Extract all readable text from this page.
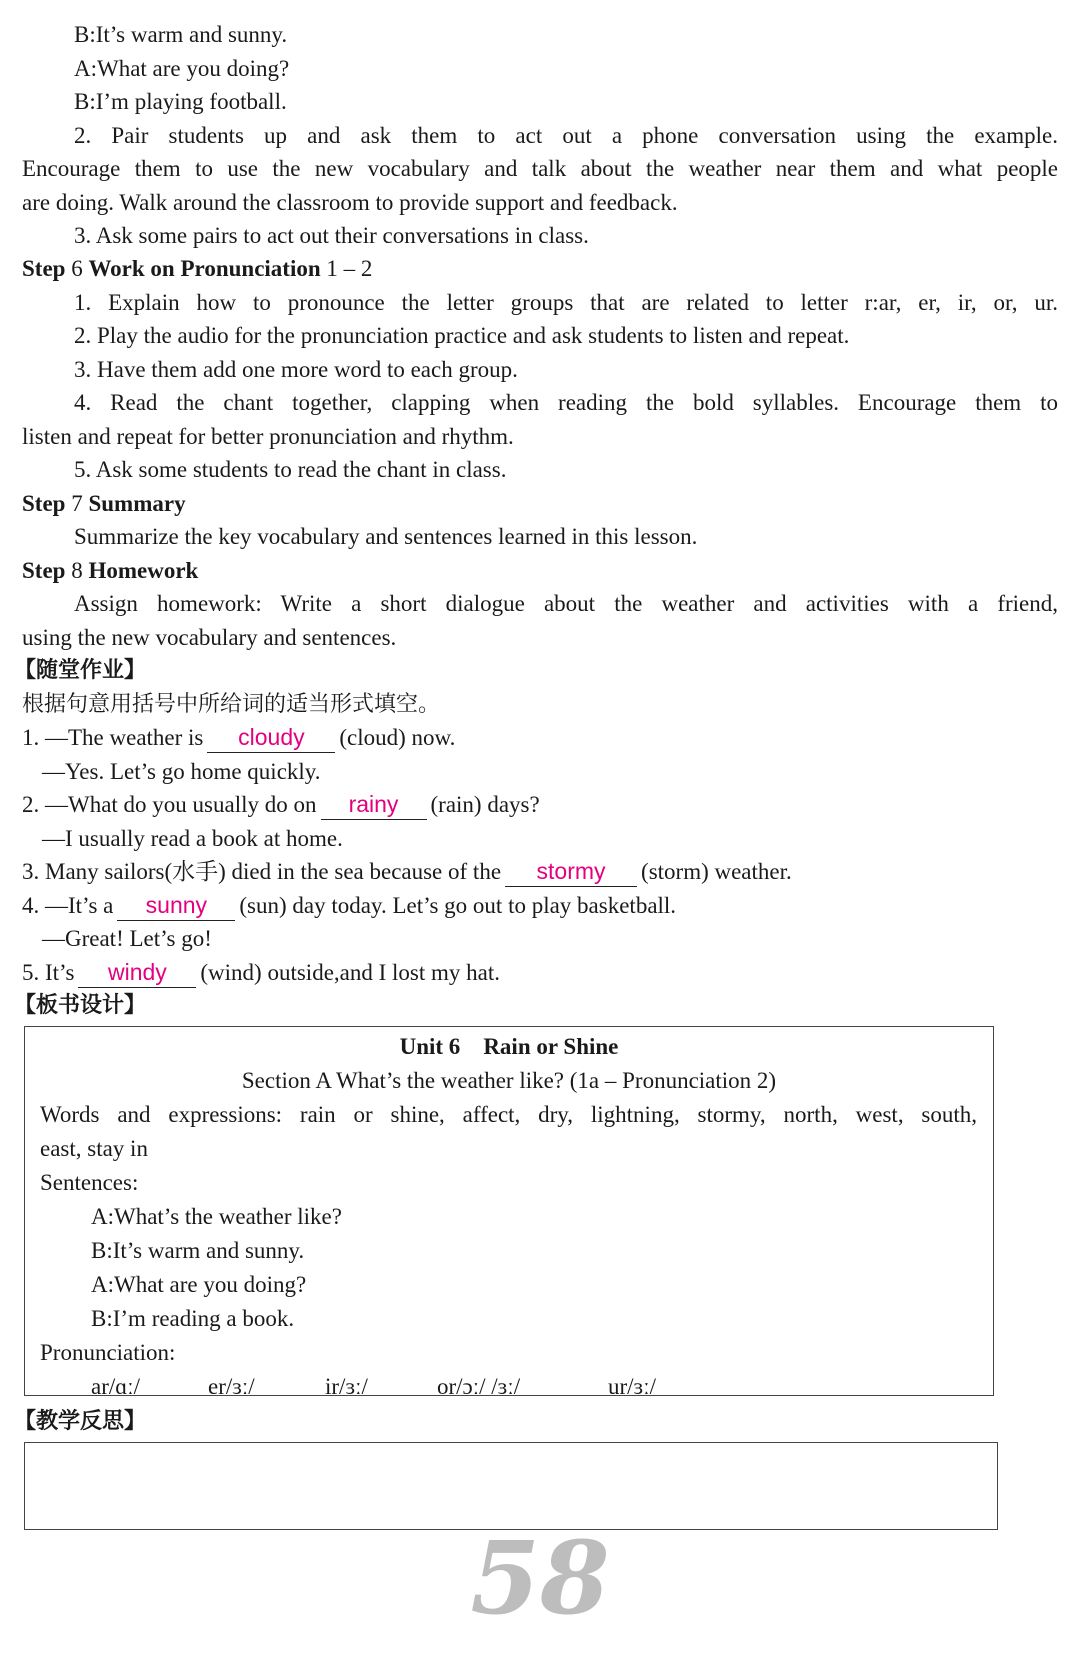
B:It’s warm and sunny.
A:What are you doing?
B:I’m playing football.
2. Pair students up and ask them to act out a phone conversation using the example.
Encourage them to use the new vocabulary and talk about the weather near them and what people
are doing. Walk around the classroom to provide support and feedback.
3. Ask some pairs to act out their conversations in class.
Step 6 Work on Pronunciation 1 – 2
1. Explain how to pronounce the letter groups that are related to letter r:ar, er, ir, or, ur.
2. Play the audio for the pronunciation practice and ask students to listen and repeat.
3. Have them add one more word to each group.
4. Read the chant together, clapping when reading the bold syllables. Encourage them to
listen and repeat for better pronunciation and rhythm.
5. Ask some students to read the chant in class.
Step 7 Summary
Summarize the key vocabulary and sentences learned in this lesson.
Step 8 Homework
Assign homework: Write a short dialogue about the weather and activities with a friend,
using the new vocabulary and sentences.
【随堂作业】
根据句意用括号中所给词的适当形式填空。
1. —The weather is cloudy (cloud) now.
—Yes. Let’s go home quickly.
2. —What do you usually do on rainy (rain) days?
—I usually read a book at home.
3. Many sailors(水手) died in the sea because of the stormy (storm) weather.
4. —It’s a sunny (sun) day today. Let’s go out to play basketball.
—Great! Let’s go!
5. It’s windy (wind) outside,and I lost my hat.
【板书设计】
Unit 6 Rain or Shine
Section A What’s the weather like? (1a – Pronunciation 2)
Words and expressions: rain or shine, affect, dry, lightning, stormy, north, west, south,
east, stay in
Sentences:
A:What’s the weather like?
B:It’s warm and sunny.
A:What are you doing?
B:I’m reading a book.
Pronunciation:
ar/ɑː/	er/ɜː/	ir/ɜː/	or/ɔː/ /ɜː/	ur/ɜː/
【教学反思】
58
